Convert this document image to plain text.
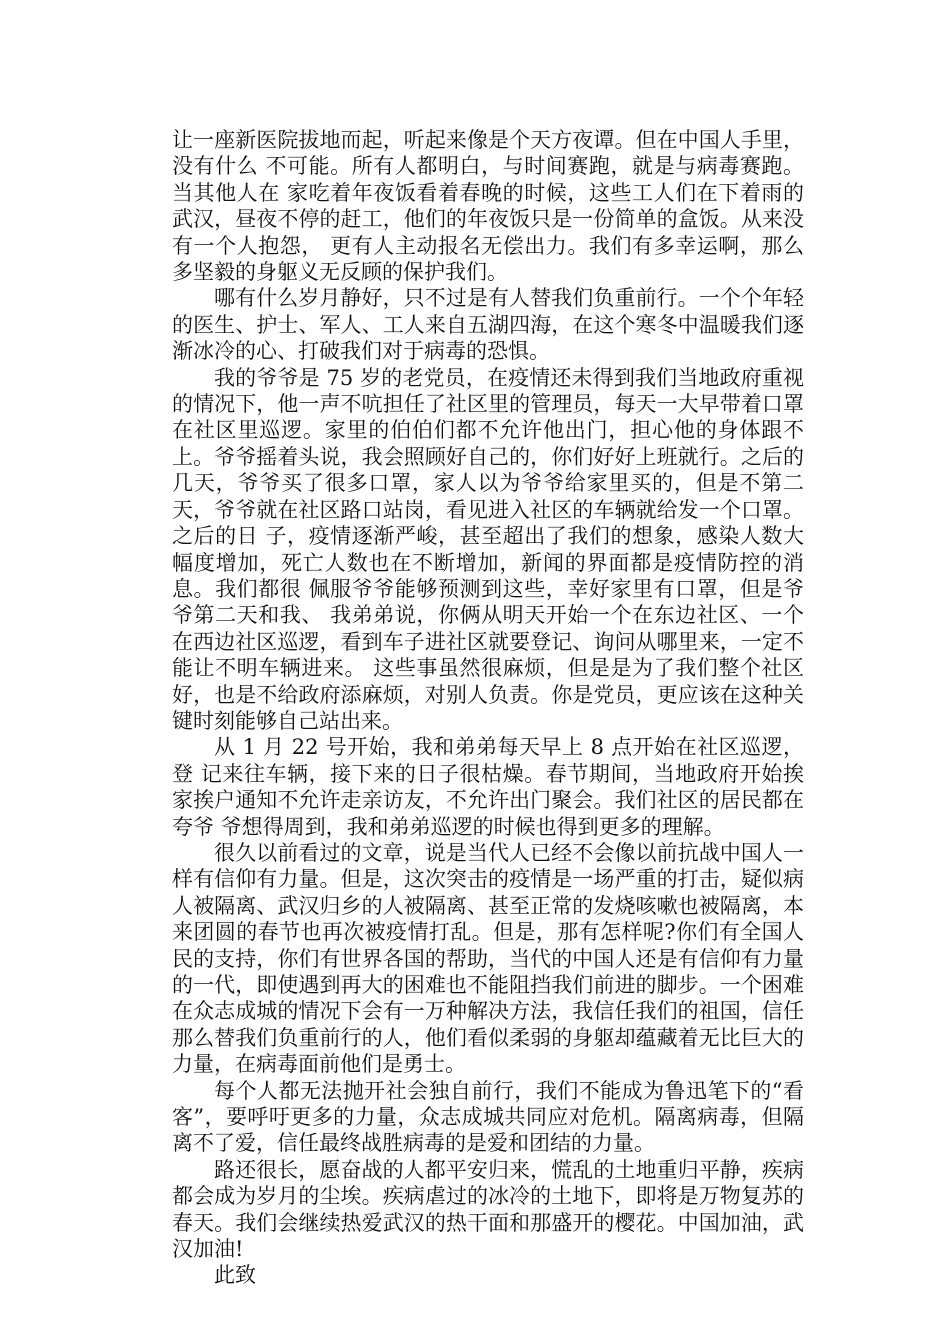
让一座新医院拔地而起，听起来像是个天方夜谭。但在中国人手里，没有什么 不可能。所有人都明白，与时间赛跑，就是与病毒赛跑。当其他人在 家吃着年夜饭看着春晚的时候，这些工人们在下着雨的武汉，昼夜不停的赶工，他们的年夜饭只是一份简单的盒饭。从来没有一个人抱怨， 更有人主动报名无偿出力。我们有多幸运啊，那么多坚毅的身躯义无反顾的保护我们。

哪有什么岁月静好，只不过是有人替我们负重前行。一个个年轻 的医生、护士、军人、工人来自五湖四海，在这个寒冬中温暖我们逐渐冰冷的心、打破我们对于病毒的恐惧。

我的爷爷是 75 岁的老党员，在疫情还未得到我们当地政府重视的情况下，他一声不吭担任了社区里的管理员，每天一大早带着口罩 在社区里巡逻。家里的伯伯们都不允许他出门，担心他的身体跟不上。爷爷摇着头说，我会照顾好自己的，你们好好上班就行。之后的几天，爷爷买了很多口罩，家人以为爷爷给家里买的，但是不第二天，爷爷就在社区路口站岗，看见进入社区的车辆就给发一个口罩。之后的日 子，疫情逐渐严峻，甚至超出了我们的想象，感染人数大幅度增加，死亡人数也在不断增加，新闻的界面都是疫情防控的消息。我们都很 佩服爷爷能够预测到这些，幸好家里有口罩，但是爷爷第二天和我、 我弟弟说，你俩从明天开始一个在东边社区、一个在西边社区巡逻，看到车子进社区就要登记、询问从哪里来，一定不能让不明车辆进来。 这些事虽然很麻烦，但是是为了我们整个社区好，也是不给政府添麻烦，对别人负责。你是党员，更应该在这种关键时刻能够自己站出来。

从 1 月 22 号开始，我和弟弟每天早上 8 点开始在社区巡逻，登 记来往车辆，接下来的日子很枯燥。春节期间，当地政府开始挨家挨户通知不允许走亲访友，不允许出门聚会。我们社区的居民都在夸爷 爷想得周到，我和弟弟巡逻的时候也得到更多的理解。

很久以前看过的文章，说是当代人已经不会像以前抗战中国人一 样有信仰有力量。但是，这次突击的疫情是一场严重的打击，疑似病人被隔离、武汉归乡的人被隔离、甚至正常的发烧咳嗽也被隔离，本 来团圆的春节也再次被疫情打乱。但是，那有怎样呢?你们有全国人民的支持，你们有世界各国的帮助，当代的中国人还是有信仰有力量 的一代，即使遇到再大的困难也不能阻挡我们前进的脚步。一个困难在众志成城的情况下会有一万种解决方法，我信任我们的祖国，信任那么替我们负重前行的人，他们看似柔弱的身躯却蕴藏着无比巨大的力量，在病毒面前他们是勇士。

每个人都无法抛开社会独自前行，我们不能成为鲁迅笔下的“看客”，要呼吁更多的力量，众志成城共同应对危机。隔离病毒，但隔离不了爱，信任最终战胜病毒的是爱和团结的力量。

路还很长，愿奋战的人都平安归来，慌乱的土地重归平静，疾病 都会成为岁月的尘埃。疾病虐过的冰冷的土地下，即将是万物复苏的春天。我们会继续热爱武汉的热干面和那盛开的樱花。中国加油，武 汉加油!

此致
